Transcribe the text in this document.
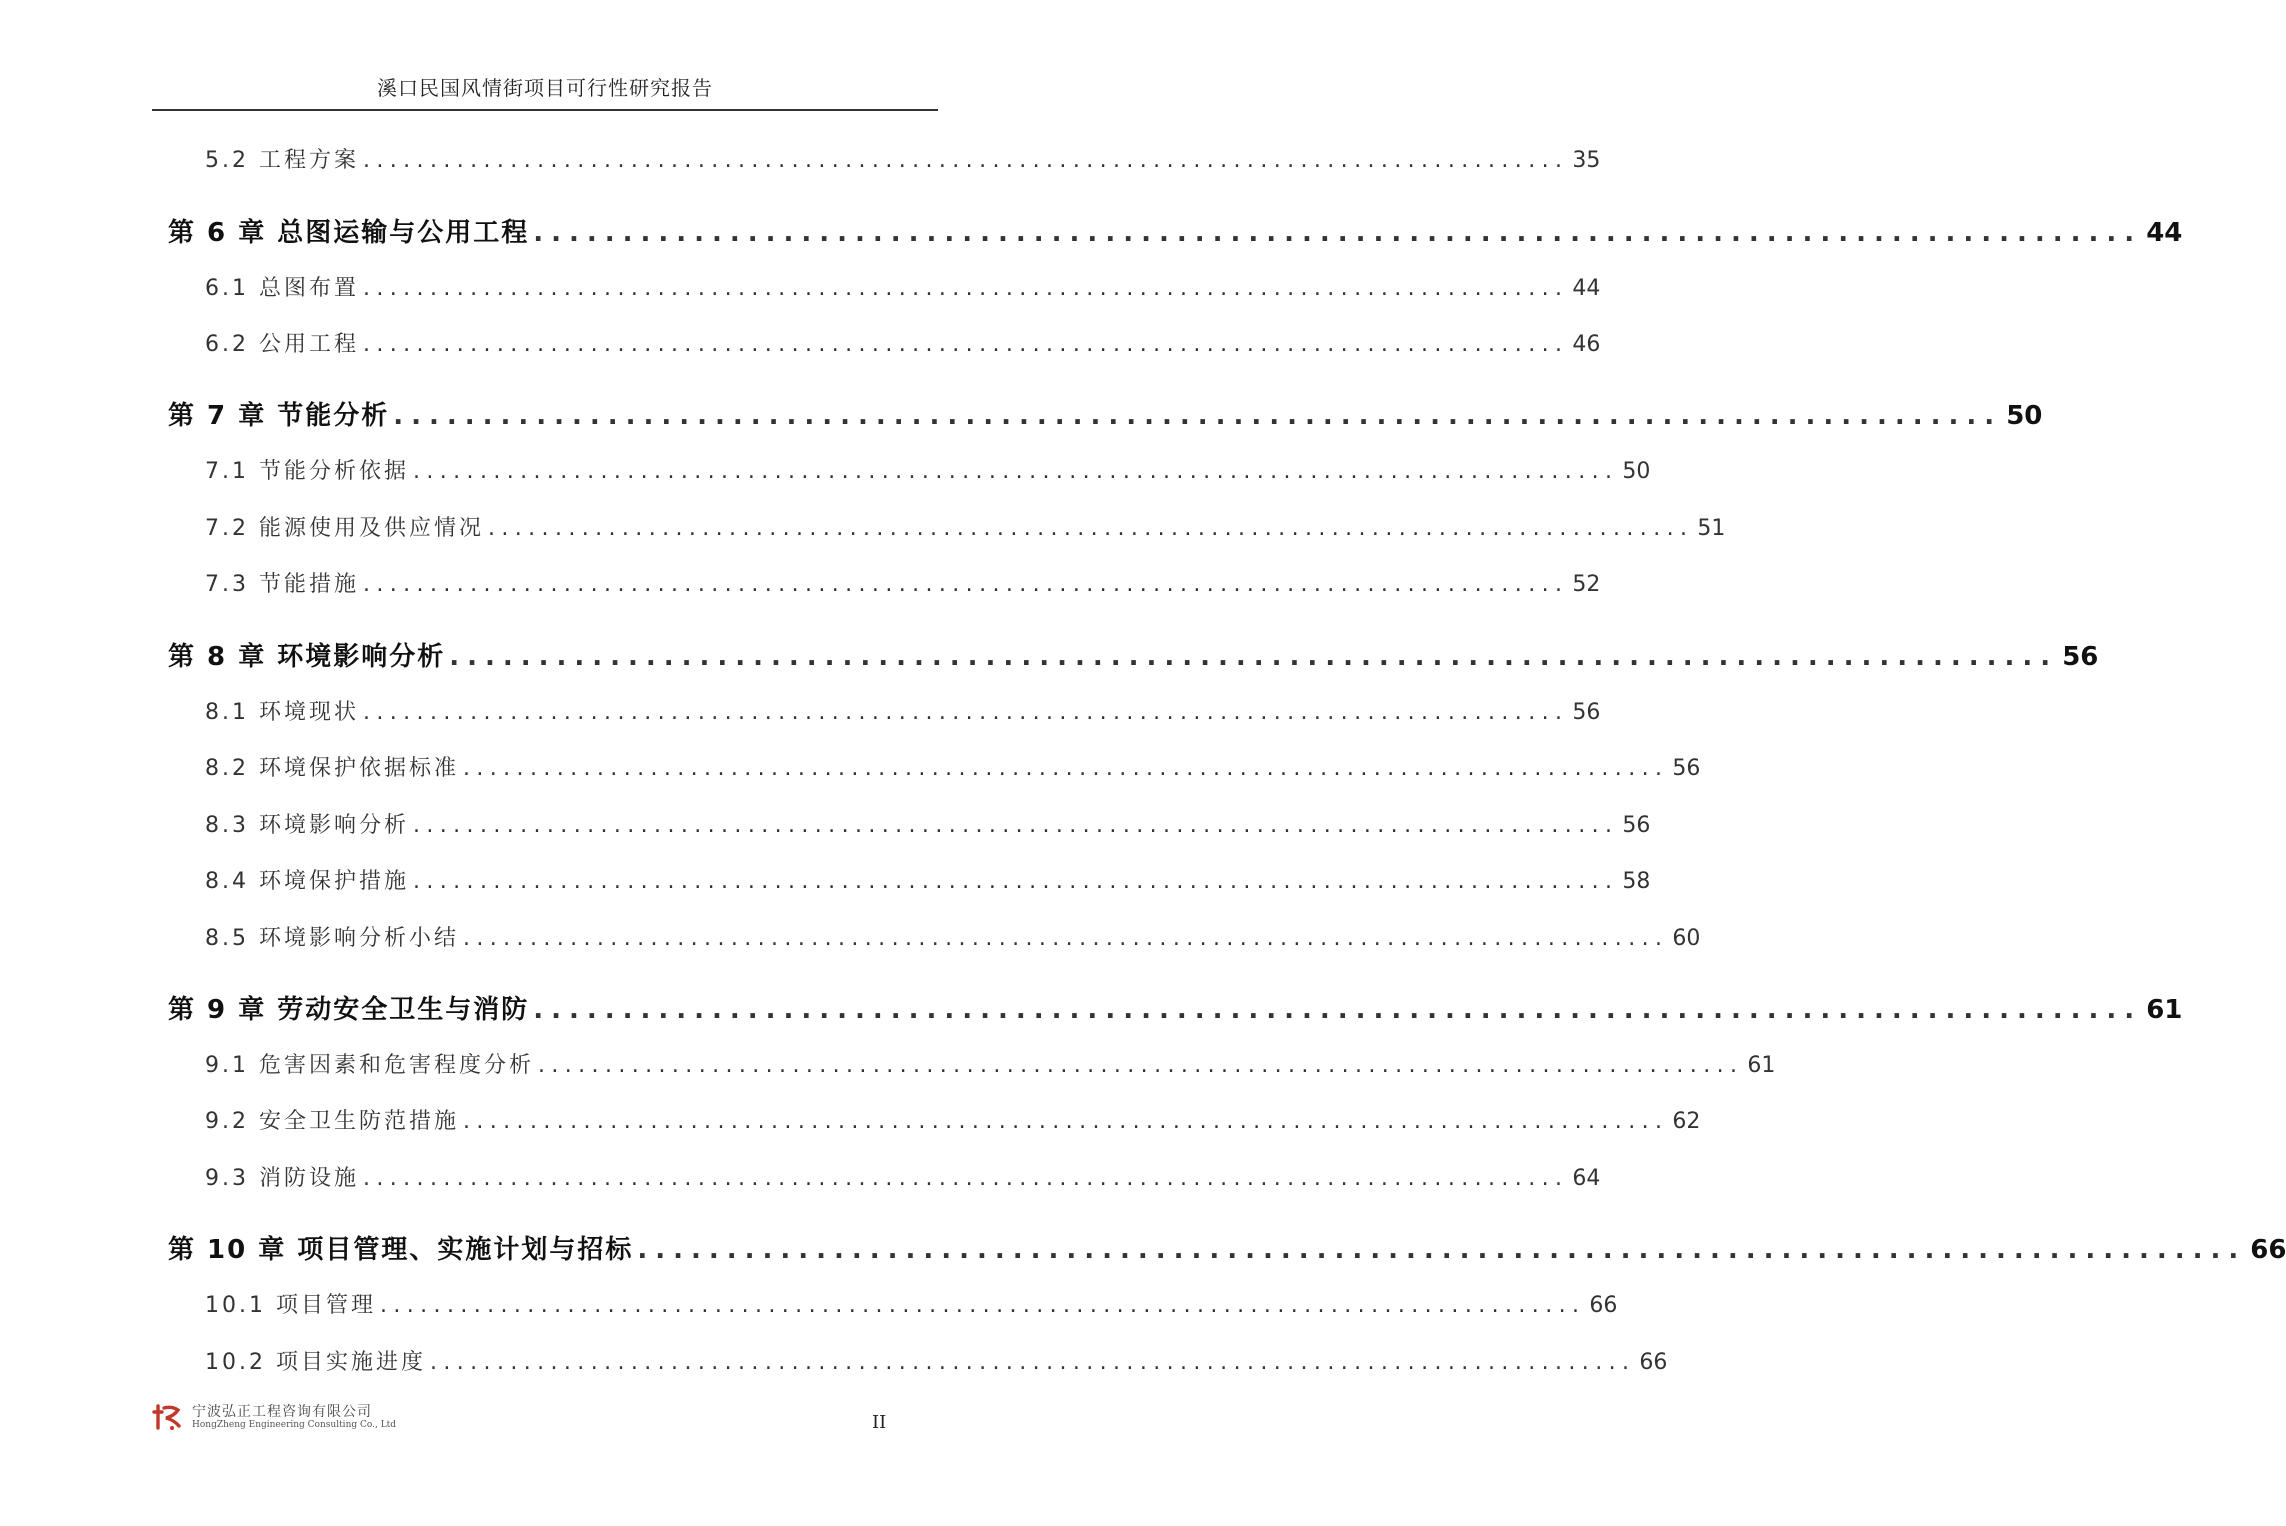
溪口民国风情街项目可行性研究报告
5.2 工程方案 .......................................................................................... 35
第 6 章 总图运输与公用工程 .......................................................................................... 44
6.1 总图布置 .......................................................................................... 44
6.2 公用工程 .......................................................................................... 46
第 7 章 节能分析 .......................................................................................... 50
7.1 节能分析依据 .......................................................................................... 50
7.2 能源使用及供应情况 .......................................................................................... 51
7.3 节能措施 .......................................................................................... 52
第 8 章 环境影响分析 .......................................................................................... 56
8.1 环境现状 .......................................................................................... 56
8.2 环境保护依据标准 .......................................................................................... 56
8.3 环境影响分析 .......................................................................................... 56
8.4 环境保护措施 .......................................................................................... 58
8.5 环境影响分析小结 .......................................................................................... 60
第 9 章 劳动安全卫生与消防 .......................................................................................... 61
9.1 危害因素和危害程度分析 .......................................................................................... 61
9.2 安全卫生防范措施 .......................................................................................... 62
9.3 消防设施 .......................................................................................... 64
第 10 章 项目管理、实施计划与招标 .......................................................................................... 66
10.1 项目管理 .......................................................................................... 66
10.2 项目实施进度 .......................................................................................... 66
宁波弘正工程咨询有限公司
HongZheng Engineering Consulting Co., Ltd	II
